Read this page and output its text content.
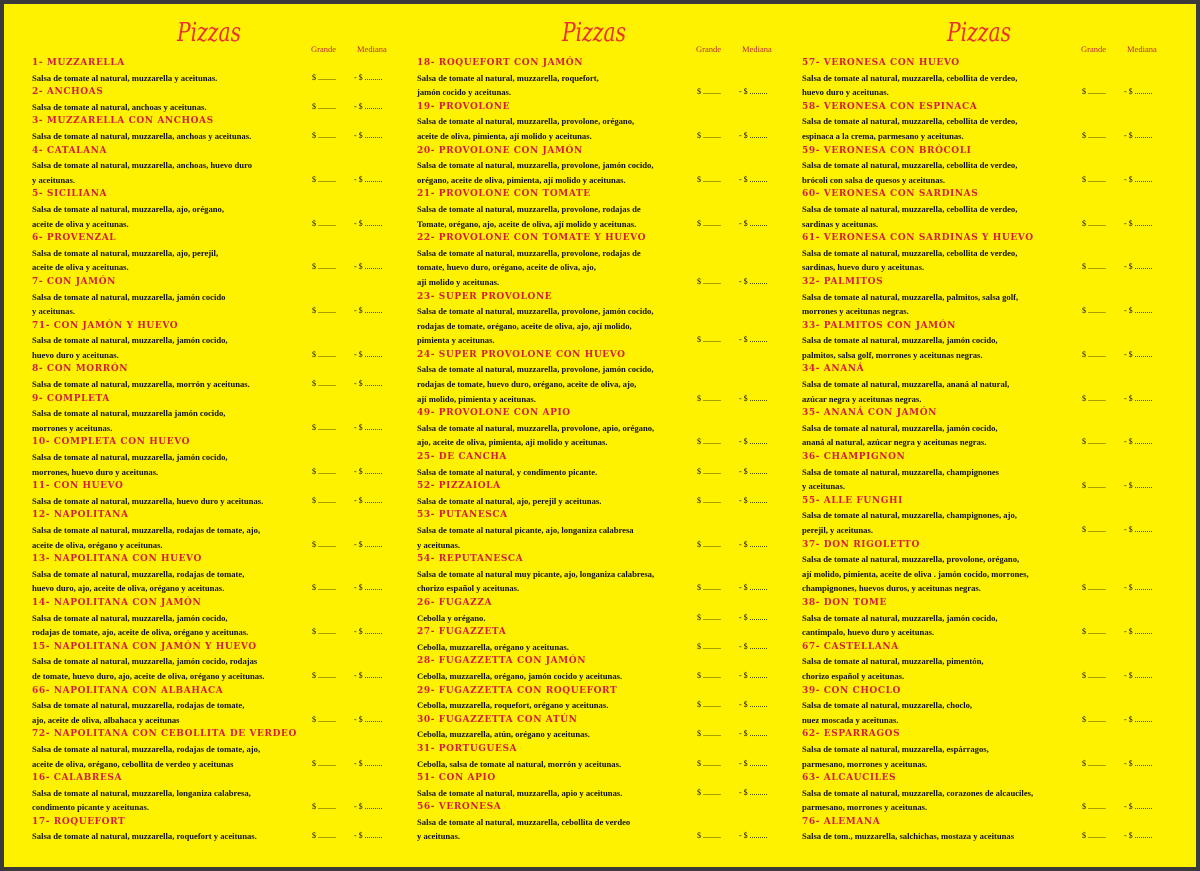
Pizzas
Grande Mediana
1- MUZZARELLA
Salsa de tomate al natural, muzzarella y aceitunas.	$ ......... - $ .........
2- ANCHOAS
Salsa de tomate al natural, anchoas y aceitunas.	$ ......... - $ .........
3- MUZZARELLA CON ANCHOAS
Salsa de tomate al natural, muzzarella, anchoas y aceitunas.	$ ......... - $ .........
4- CATALANA
Salsa de tomate al natural, muzzarella, anchoas, huevo duro
y aceitunas.	$ ......... - $ .........
5- SICILIANA
Salsa de tomate al natural, muzzarella, ajo, orégano,
aceite de oliva y aceitunas.	$ ......... - $ .........
6- PROVENZAL
Salsa de tomate al natural, muzzarella, ajo, perejil,
aceite de oliva y aceitunas.	$ ......... - $ .........
7- CON JAMÓN
Salsa de tomate al natural, muzzarella, jamón cocido
y aceitunas.	$ ......... - $ .........
71- CON JAMÓN Y HUEVO
Salsa de tomate al natural, muzzarella, jamón cocido,
huevo duro y aceitunas.	$ ......... - $ .........
8- CON MORRÓN
Salsa de tomate al natural, muzzarella, morrón y aceitunas.	$ ......... - $ .........
9- COMPLETA
Salsa de tomate al natural, muzzarella jamón cocido,
morrones y aceitunas.	$ ......... - $ .........
10- COMPLETA CON HUEVO
Salsa de tomate al natural, muzzarella, jamón cocido,
morrones, huevo duro y aceitunas.	$ ......... - $ .........
11- CON HUEVO
Salsa de tomate al natural, muzzarella, huevo duro y aceitunas.	$ ......... - $ .........
12- NAPOLITANA
Salsa de tomate al natural, muzzarella, rodajas de tomate, ajo,
aceite de oliva, orégano y aceitunas.	$ ......... - $ .........
13- NAPOLITANA CON HUEVO
Salsa de tomate al natural, muzzarella, rodajas de tomate,
huevo duro, ajo, aceite de oliva, orégano y aceitunas.	$ ......... - $ .........
14- NAPOLITANA CON JAMÓN
Salsa de tomate al natural, muzzarella, jamón cocido,
rodajas de tomate, ajo, aceite de oliva, orégano y aceitunas.	$ ......... - $ .........
15- NAPOLITANA CON JAMÓN Y HUEVO
Salsa de tomate al natural, muzzarella, jamón cocido, rodajas
de tomate, huevo duro, ajo, aceite de oliva, orégano y aceitunas.	$ ......... - $ .........
66- NAPOLITANA CON ALBAHACA
Salsa de tomate al natural, muzzarella, rodajas de tomate,
ajo, aceite de oliva, albahaca y aceitunas	$ ......... - $ .........
72- NAPOLITANA CON CEBOLLITA DE VERDEO
Salsa de tomate al natural, muzzarella, rodajas de tomate, ajo,
aceite de oliva, orégano, cebollita de verdeo y aceitunas	$ ......... - $ .........
16- CALABRESA
Salsa de tomate al natural, muzzarella, longaniza calabresa,
condimento picante y aceitunas.	$ ......... - $ .........
17- ROQUEFORT
Salsa de tomate al natural, muzzarella, roquefort y aceitunas.	$ ......... - $ .........
Pizzas
Grande Mediana
18- ROQUEFORT CON JAMÓN
Salsa de tomate al natural, muzzarella, roquefort,
jamón cocido y aceitunas.	$ ......... - $ .........
19- PROVOLONE
Salsa de tomate al natural, muzzarella, provolone, orégano,
aceite de oliva, pimienta, ají molido y aceitunas.	$ ......... - $ .........
20- PROVOLONE CON JAMÓN
Salsa de tomate al natural, muzzarella, provolone, jamón cocido,
orégano, aceite de oliva, pimienta, ají molido y aceitunas.	$ ......... - $ .........
21- PROVOLONE CON TOMATE
Salsa de tomate al natural, muzzarella, provolone, rodajas de
Tomate, orégano, ajo, aceite de oliva, ají molido y aceitunas.	$ ......... - $ .........
22- PROVOLONE CON TOMATE Y HUEVO
Salsa de tomate al natural, muzzarella, provolone, rodajas de
tomate, huevo duro, orégano, aceite de oliva, ajo,
aji molido y aceitunas.	$ ......... - $ .........
23- SUPER PROVOLONE
Salsa de tomate al natural, muzzarella, provolone, jamón cocido,
rodajas de tomate, orégano, aceite de oliva, ajo, ají molido,
pimienta y aceitunas.	$ ......... - $ .........
24- SUPER PROVOLONE CON HUEVO
Salsa de tomate al natural, muzzarella, provolone, jamón cocido,
rodajas de tomate, huevo duro, orégano, aceite de oliva, ajo,
ají molido, pimienta y aceitunas.	$ ......... - $ .........
49- PROVOLONE CON APIO
Salsa de tomate al natural, muzzarella, provolone, apio, orégano,
ajo, aceite de oliva, pimienta, ají molido y aceitunas.	$ ......... - $ .........
25- DE CANCHA
Salsa de tomate al natural, y condimento picante.	$ ......... - $ .........
52- PIZZAIOLA
Salsa de tomate al natural, ajo, perejil y aceitunas.	$ ......... - $ .........
53- PUTANESCA
Salsa de tomate al natural picante, ajo, longaniza calabresa
y aceitunas.	$ ......... - $ .........
54- REPUTANESCA
Salsa de tomate al natural muy picante, ajo, longaniza calabresa,
chorizo español y aceitunas.	$ ......... - $ .........
26- FUGAZZA
Cebolla y orégano.	$ ......... - $ .........
27- FUGAZZETA
Cebolla, muzzarella, orégano y aceitunas.	$ ......... - $ .........
28- FUGAZZETTA CON JAMÓN
Cebolla, muzzarella, orégano, jamón cocido y aceitunas.	$ ......... - $ .........
29- FUGAZZETTA CON ROQUEFORT
Cebolla, muzzarella, roquefort, orégano y aceitunas.	$ ......... - $ .........
30- FUGAZZETTA CON ATÚN
Cebolla, muzzarella, atún, orégano y aceitunas.	$ ......... - $ .........
31- PORTUGUESA
Cebolla, salsa de tomate al natural, morrón y aceitunas.	$ ......... - $ .........
51- CON APIO
Salsa de tomate al natural, muzzarella, apio y aceitunas.	$ ......... - $ .........
56- VERONESA
Salsa de tomate al natural, muzzarella, cebollita de verdeo
y aceitunas.	$ ......... - $ .........
Pizzas
Grande Mediana
57- VERONESA CON HUEVO
Salsa de tomate al natural, muzzarella, cebollita de verdeo,
huevo duro y aceitunas.	$ ......... - $ .........
58- VERONESA CON ESPINACA
Salsa de tomate al natural, muzzarella, cebollita de verdeo,
espinaca a la crema, parmesano y aceitunas.	$ ......... - $ .........
59- VERONESA CON BRÓCOLI
Salsa de tomate al natural, muzzarella, cebollita de verdeo,
brócoli con salsa de quesos y aceitunas.	$ ......... - $ .........
60- VERONESA CON SARDINAS
Salsa de tomate al natural, muzzarella, cebollita de verdeo,
sardinas y aceitunas.	$ ......... - $ .........
61- VERONESA CON SARDINAS Y HUEVO
Salsa de tomate al natural, muzzarella, cebollita de verdeo,
sardinas, huevo duro y aceitunas.	$ ......... - $ .........
32- PALMITOS
Salsa de tomate al natural, muzzarella, palmitos, salsa golf,
morrones y aceitunas negras.	$ ......... - $ .........
33- PALMITOS CON JAMÓN
Salsa de tomate al natural, muzzarella, jamón cocido,
palmitos, salsa golf, morrones y aceitunas negras.	$ ......... - $ .........
34- ANANÁ
Salsa de tomate al natural, muzzarella, ananá al natural,
azúcar negra y aceitunas negras.	$ ......... - $ .........
35- ANANÁ CON JAMÓN
Salsa de tomate al natural, muzzarella, jamón cocido,
ananá al natural, azúcar negra y aceitunas negras.	$ ......... - $ .........
36- CHAMPIGNON
Salsa de tomate al natural, muzzarella, champignones
y aceitunas.	$ ......... - $ .........
55- ALLE FUNGHI
Salsa de tomate al natural, muzzarella, champignones, ajo,
perejil, y aceitunas.	$ ......... - $ .........
37- DON RIGOLETTO
Salsa de tomate al natural, muzzarella, provolone, orégano,
ají molido, pimienta, aceite de oliva . jamón cocido, morrones,
champignones, huevos duros, y aceitunas negras.	$ ......... - $ .........
38- DON TOME
Salsa de tomate al natural, muzzarella, jamón cocido,
cantimpalo, huevo duro y aceitunas.	$ ......... - $ .........
67- CASTELLANA
Salsa de tomate al natural, muzzarella, pimentón,
chorizo español y aceitunas.	$ ......... - $ .........
39- CON CHOCLO
Salsa de tomate al natural, muzzarella, choclo,
nuez moscada y aceitunas.	$ ......... - $ .........
62- ESPARRAGOS
Salsa de tomate al natural, muzzarella, espárragos,
parmesano, morrones y aceitunas.	$ ......... - $ .........
63- ALCAUCILES
Salsa de tomate al natural, muzzarella, corazones de alcauciles,
parmesano, morrones y aceitunas.	$ ......... - $ .........
76- ALEMANA
Salsa de tom., muzzarella, salchichas, mostaza y aceitunas	$ ......... - $ .........
